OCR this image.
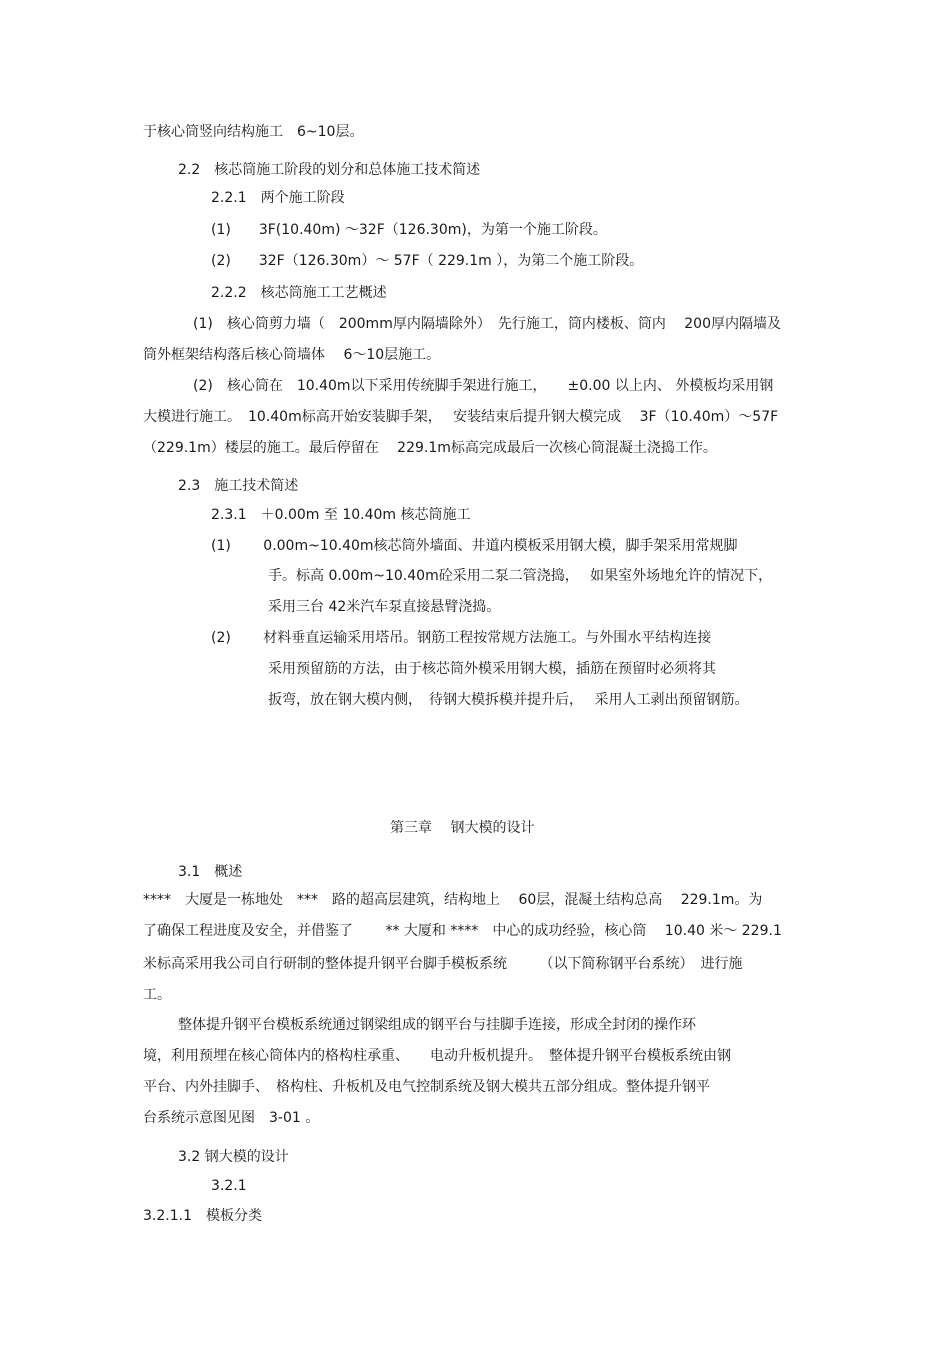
于核心筒竖向结构施工　6~10层。
2.2　核芯筒施工阶段的划分和总体施工技术简述
2.2.1　两个施工阶段
(1)　　3F(10.40m) ～32F（126.30m)，为第一个施工阶段。
(2)　　32F（126.30m）～ 57F（ 229.1m ），为第二个施工阶段。
2.2.2　核芯筒施工工艺概述
(1)　核心筒剪力墙（　200mm厚内隔墙除外）　先行施工，筒内楼板、筒内　 200厚内隔墙及
筒外框架结构落后核心筒墙体　 6～10层施工。
(2)　核心筒在　10.40m以下采用传统脚手架进行施工，　　±0.00 以上内、 外模板均采用钢
大模进行施工。　10.40m标高开始安装脚手架，　 安装结束后提升钢大模完成　 3F（10.40m）～57F
（229.1m）楼层的施工。最后停留在　 229.1m标高完成最后一次核心筒混凝土浇捣工作。
2.3　施工技术简述
2.3.1　＋0.00m 至 10.40m 核芯筒施工
(1)　　 0.00m~10.40m核芯筒外墙面、井道内模板采用钢大模，脚手架采用常规脚
手。标高 0.00m~10.40m砼采用二泵二管浇捣，　 如果室外场地允许的情况下，
采用三台 42米汽车泵直接悬臂浇捣。
(2)　　 材料垂直运输采用塔吊。钢筋工程按常规方法施工。与外围水平结构连接
采用预留筋的方法，由于核芯筒外模采用钢大模，插筋在预留时必须将其
扳弯，放在钢大模内侧，　待钢大模拆模并提升后，　 采用人工剥出预留钢筋。
第三章　 钢大模的设计
3.1　概述
****　大厦是一栋地处　***　路的超高层建筑，结构地上　 60层，混凝土结构总高　 229.1m。为
了确保工程进度及安全，并借鉴了　　 ** 大厦和 ****　中心的成功经验，核心筒　 10.40 米～ 229.1
米标高采用我公司自行研制的整体提升钢平台脚手模板系统　　 （以下简称钢平台系统）　进行施
工。
整体提升钢平台模板系统通过钢梁组成的钢平台与挂脚手连接，形成全封闭的操作环
境，利用预埋在核心筒体内的格构柱承重、　　电动升板机提升。　整体提升钢平台模板系统由钢
平台、内外挂脚手、　格构柱、升板机及电气控制系统及钢大模共五部分组成。整体提升钢平
台系统示意图见图　3-01 。
3.2 钢大模的设计
3.2.1
3.2.1.1　模板分类
